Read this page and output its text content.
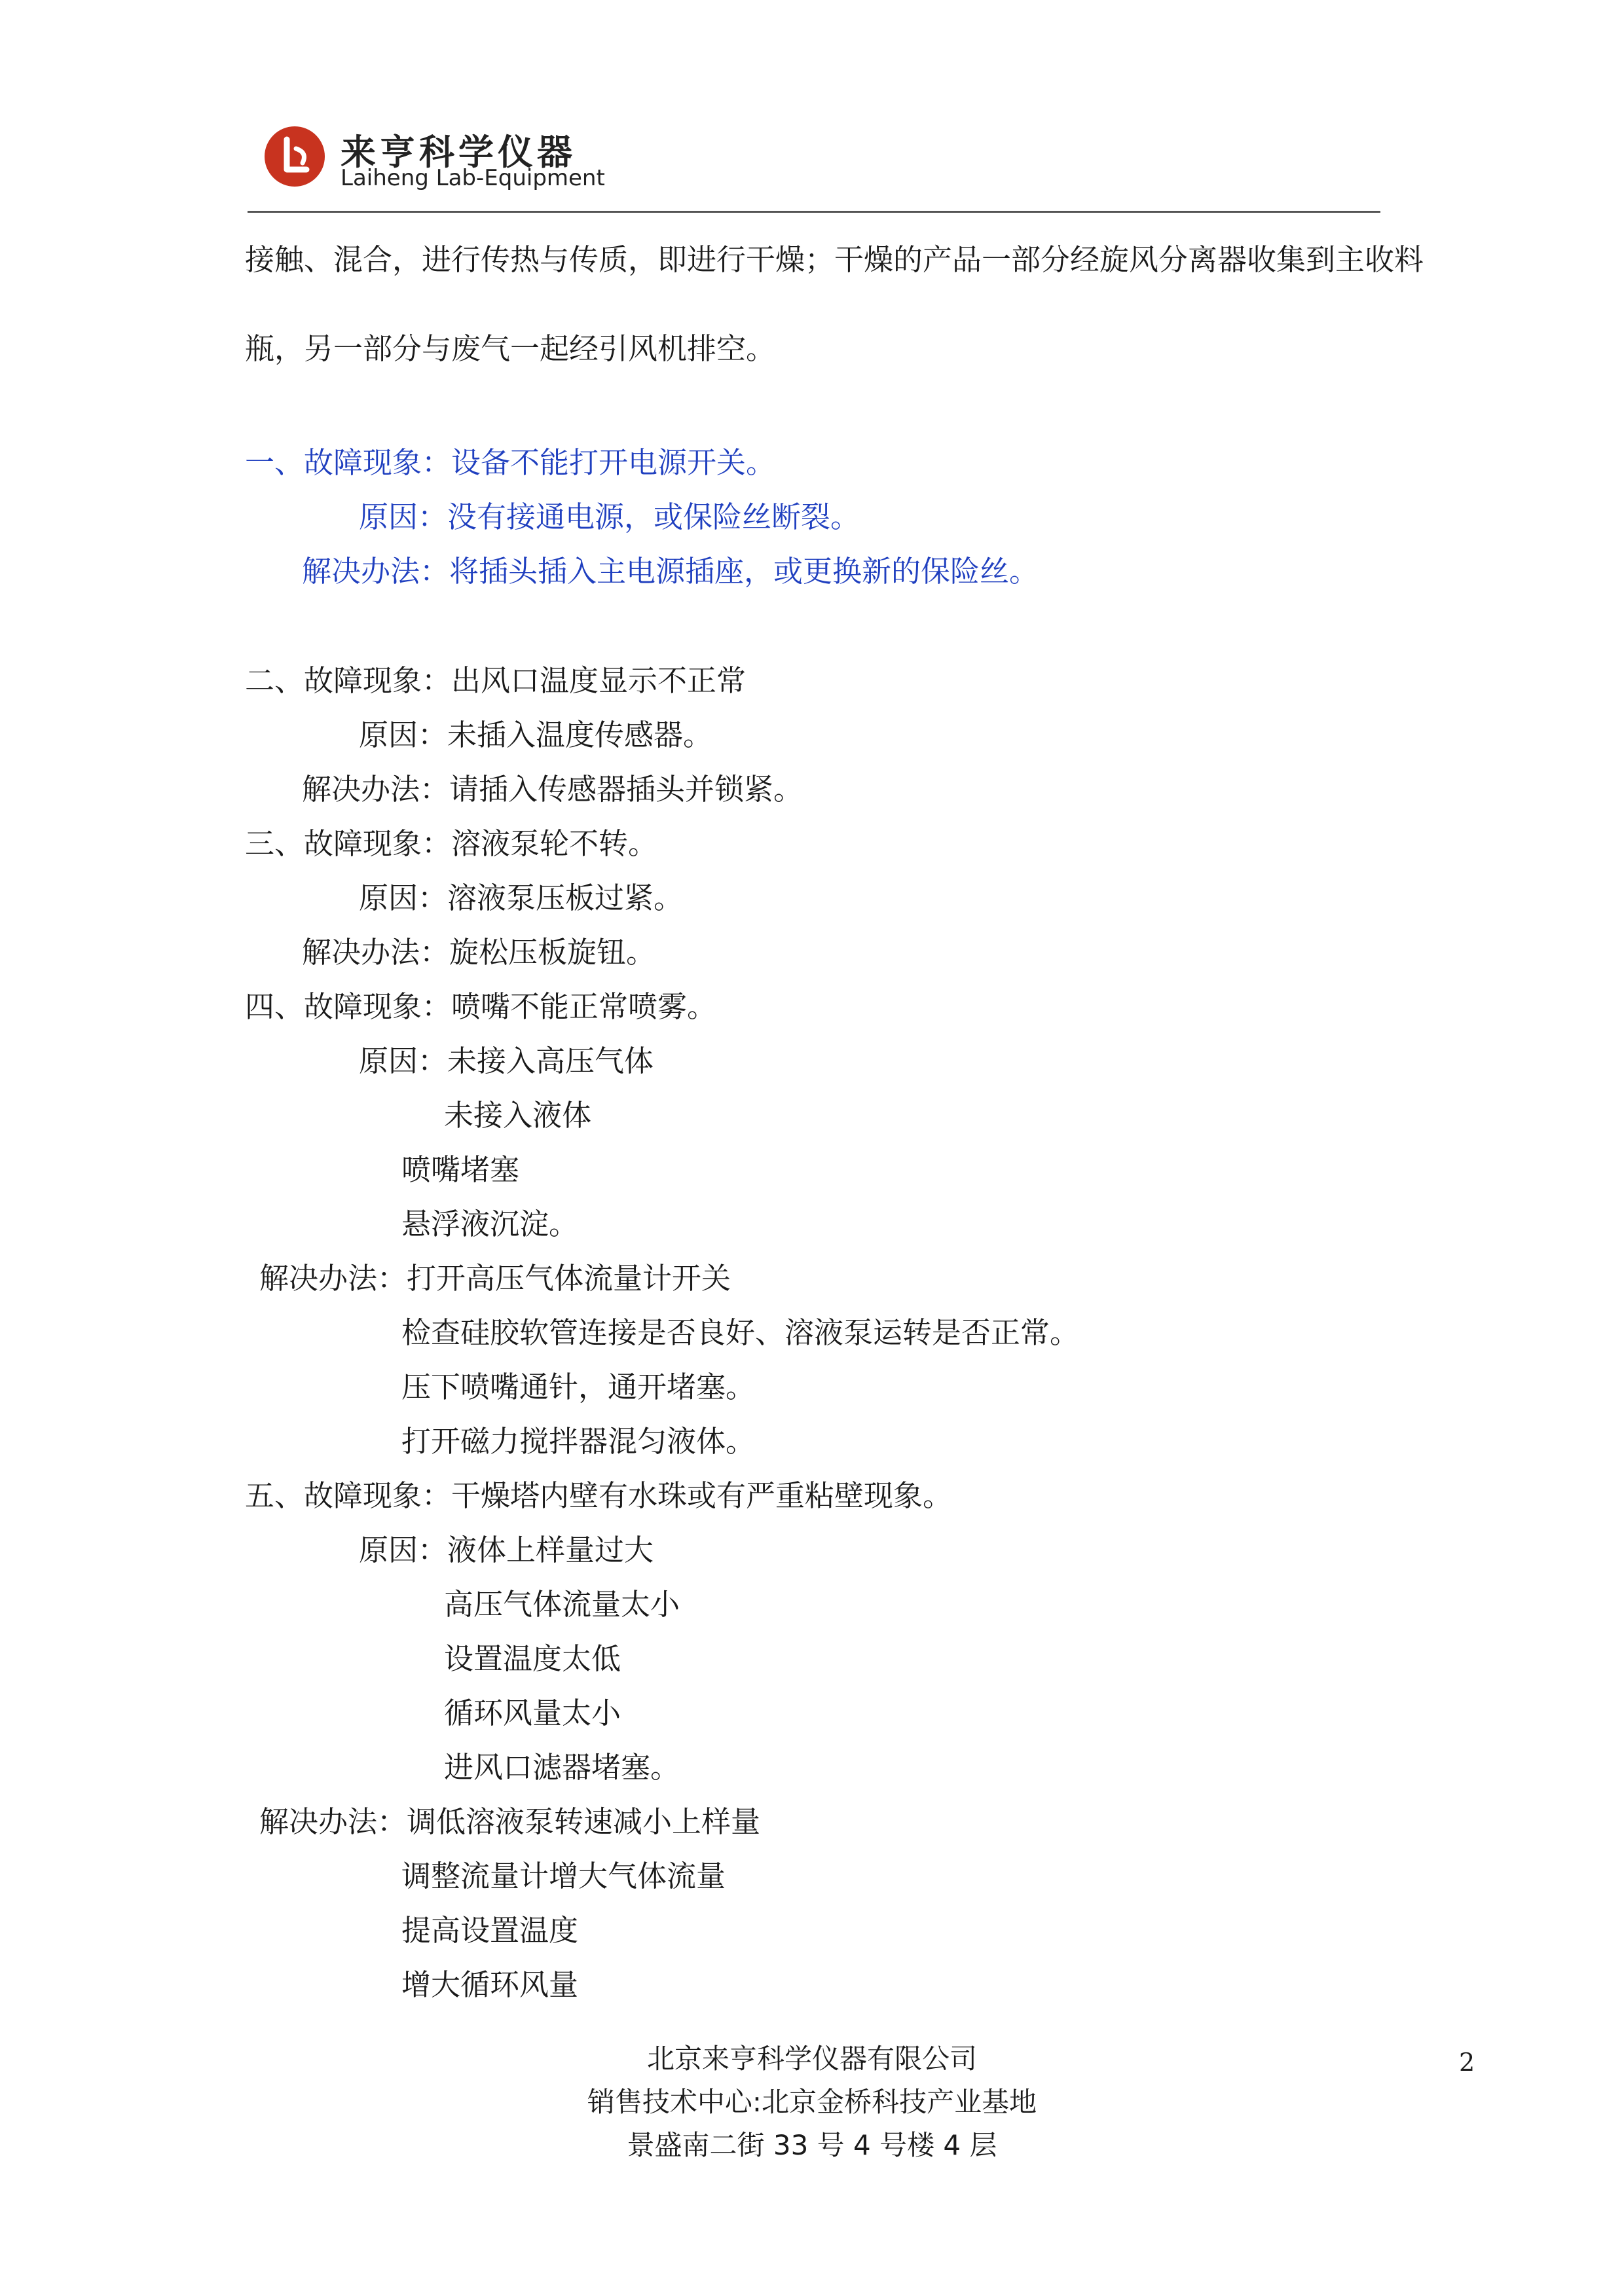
来亨科学仪器
Laiheng Lab-Equipment
接触、混合，进行传热与传质，即进行干燥；干燥的产品一部分经旋风分离器收集到主收料
瓶，另一部分与废气一起经引风机排空。
一、故障现象：设备不能打开电源开关。
原因：没有接通电源，或保险丝断裂。
解决办法：将插头插入主电源插座，或更换新的保险丝。
二、故障现象：出风口温度显示不正常
原因：未插入温度传感器。
解决办法：请插入传感器插头并锁紧。
三、故障现象：溶液泵轮不转。
原因：溶液泵压板过紧。
解决办法：旋松压板旋钮。
四、故障现象：喷嘴不能正常喷雾。
原因：未接入高压气体
未接入液体
喷嘴堵塞
悬浮液沉淀。
解决办法：打开高压气体流量计开关
检查硅胶软管连接是否良好、溶液泵运转是否正常。
压下喷嘴通针，通开堵塞。
打开磁力搅拌器混匀液体。
五、故障现象：干燥塔内壁有水珠或有严重粘壁现象。
原因：液体上样量过大
高压气体流量太小
设置温度太低
循环风量太小
进风口滤器堵塞。
解决办法：调低溶液泵转速减小上样量
调整流量计增大气体流量
提高设置温度
增大循环风量
2
北京来亨科学仪器有限公司
销售技术中心:北京金桥科技产业基地
景盛南二街 33 号 4 号楼 4 层
